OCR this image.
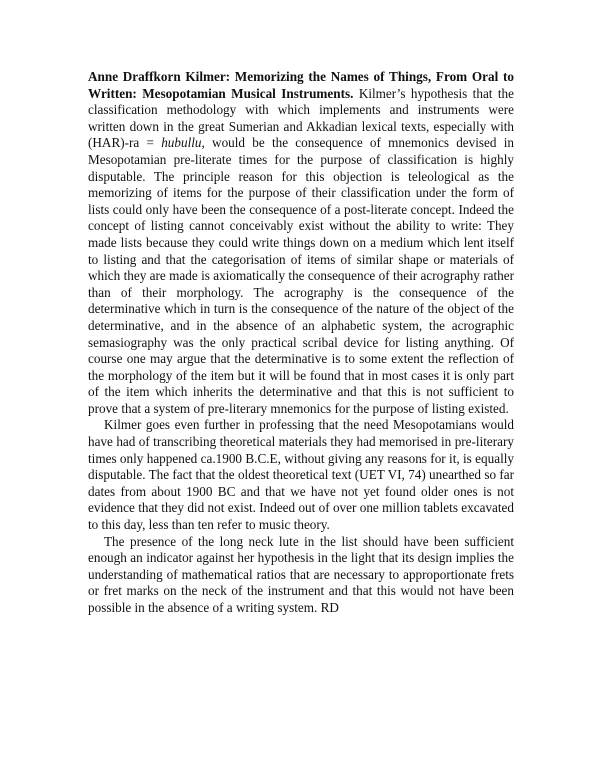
Anne Draffkorn Kilmer: Memorizing the Names of Things, From Oral to Written: Mesopotamian Musical Instruments. Kilmer’s hypothesis that the classification methodology with which implements and instruments were written down in the great Sumerian and Akkadian lexical texts, especially with (HAR)-ra = hubullu, would be the consequence of mnemonics devised in Mesopotamian pre-literate times for the purpose of classification is highly disputable. The principle reason for this objection is teleological as the memorizing of items for the purpose of their classification under the form of lists could only have been the consequence of a post-literate concept. Indeed the concept of listing cannot conceivably exist without the ability to write: They made lists because they could write things down on a medium which lent itself to listing and that the categorisation of items of similar shape or materials of which they are made is axiomatically the consequence of their acrography rather than of their morphology. The acrography is the consequence of the determinative which in turn is the consequence of the nature of the object of the determinative, and in the absence of an alphabetic system, the acrographic semasiography was the only practical scribal device for listing anything. Of course one may argue that the determinative is to some extent the reflection of the morphology of the item but it will be found that in most cases it is only part of the item which inherits the determinative and that this is not sufficient to prove that a system of pre-literary mnemonics for the purpose of listing existed.

Kilmer goes even further in professing that the need Mesopotamians would have had of transcribing theoretical materials they had memorised in pre-literary times only happened ca.1900 B.C.E, without giving any reasons for it, is equally disputable. The fact that the oldest theoretical text (UET VI, 74) unearthed so far dates from about 1900 BC and that we have not yet found older ones is not evidence that they did not exist. Indeed out of over one million tablets excavated to this day, less than ten refer to music theory.

The presence of the long neck lute in the list should have been sufficient enough an indicator against her hypothesis in the light that its design implies the understanding of mathematical ratios that are necessary to approportionate frets or fret marks on the neck of the instrument and that this would not have been possible in the absence of a writing system. RD
